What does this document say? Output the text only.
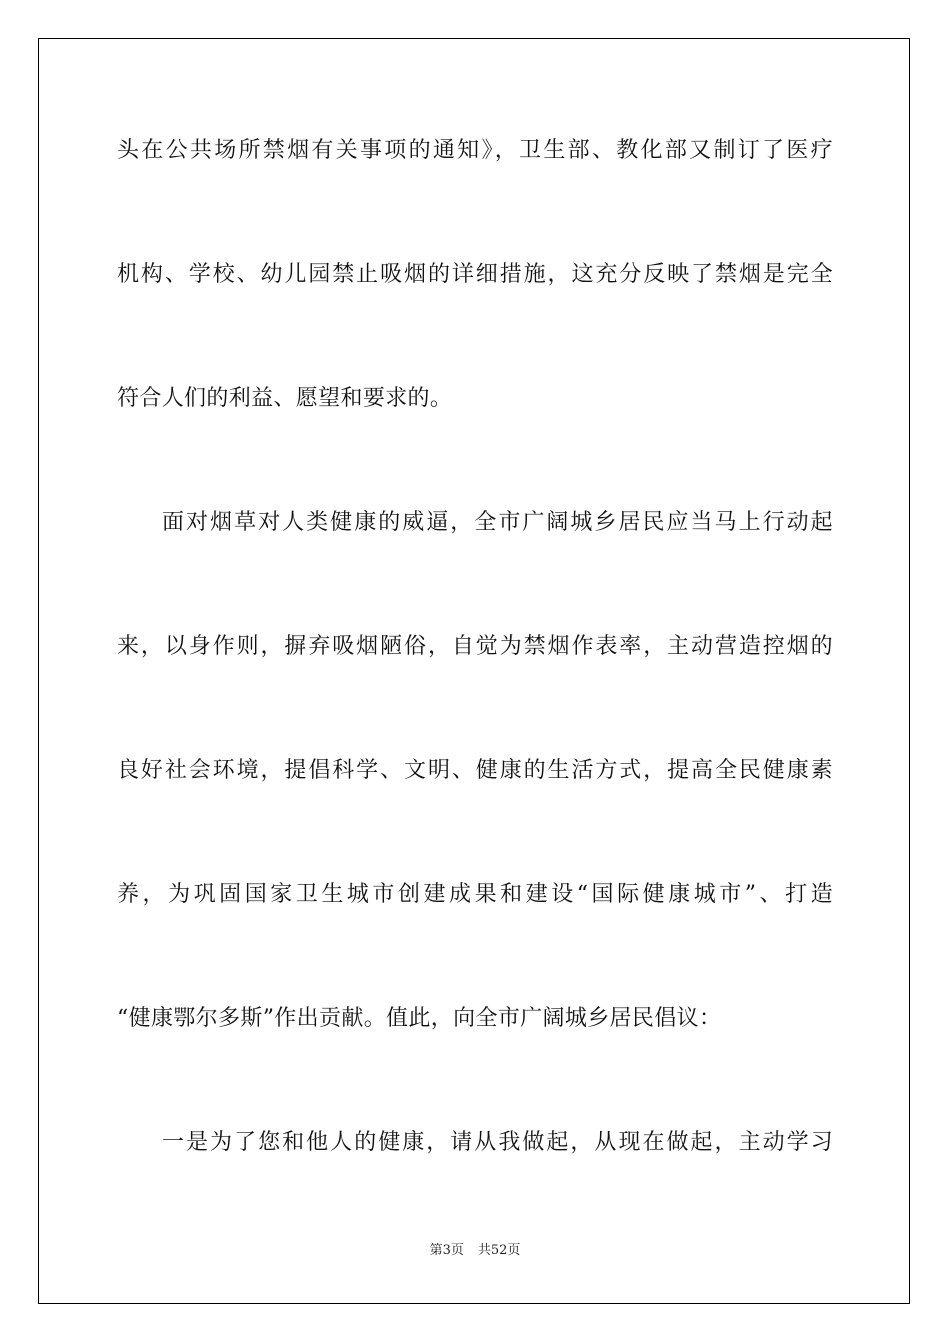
头在公共场所禁烟有关事项的通知》，卫生部、教化部又制订了医疗
机构、学校、幼儿园禁止吸烟的详细措施，这充分反映了禁烟是完全
符合人们的利益、愿望和要求的。
面对烟草对人类健康的威逼，全市广阔城乡居民应当马上行动起
来，以身作则，摒弃吸烟陋俗，自觉为禁烟作表率，主动营造控烟的
良好社会环境，提倡科学、文明、健康的生活方式，提高全民健康素
养，为巩固国家卫生城市创建成果和建设“国际健康城市”、打造
“健康鄂尔多斯”作出贡献。值此，向全市广阔城乡居民倡议：
一是为了您和他人的健康，请从我做起，从现在做起，主动学习
第3页 共52页
